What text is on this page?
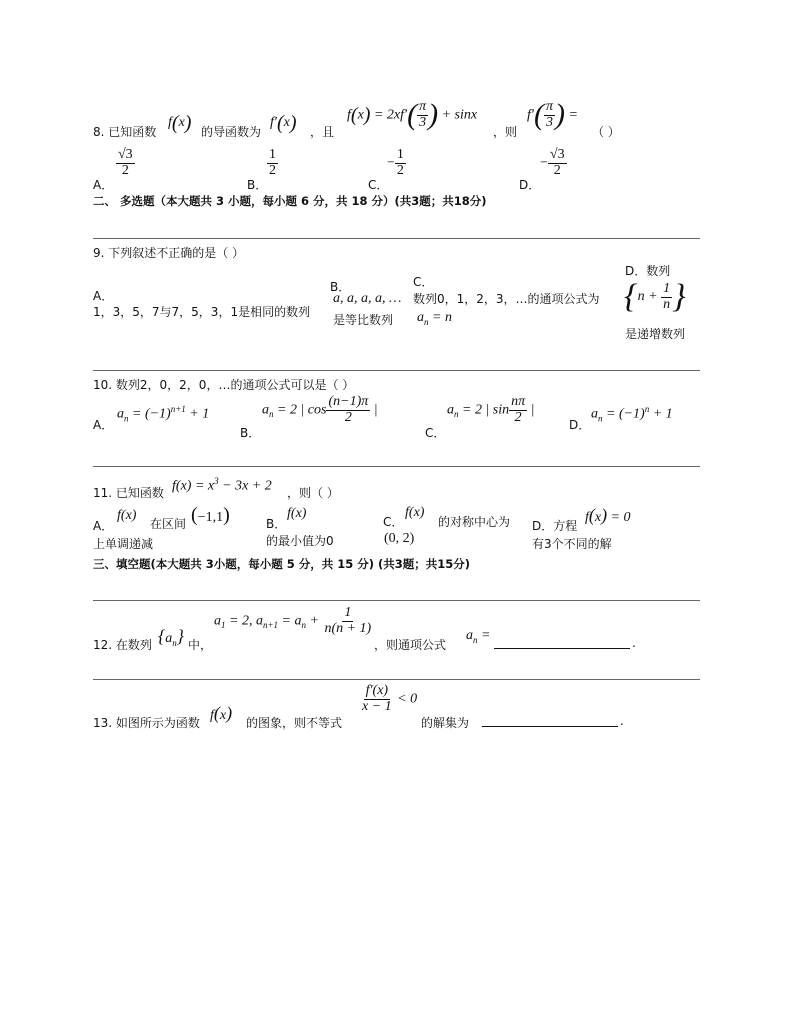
8. 已知函数
f(x) 的导函数为
f′(x) ，且
$f(x) = 2xf'( \frac{\pi}{3}$ ) + sinx
，则
$f'( \frac{\pi}{3}$ ) =
（ ）
A．
$\frac{√3}{2}$
B．
$\frac{1}{2}$
C．
− $\frac{1}{2}$
D．
− $\frac{√3}{2}$
二、 多选题（本大题共 3 小题，每小题 6 分，共 18 分）(共3题；共18分)
9. 下列叙述不正确的是（ ）
A．
1，3，5，7与7，5，3，1是相同的数列
B．
a, a, a, a, …
是等比数列
C．
数列0，1，2，3，…的通项公式为
$a_n = n$
D．数列
{$n + \frac{1}{n}$ }
是递增数列
10. 数列2，0，2，0，…的通项公式可以是（ ）
A．
$a_n = (-1)^{n+1} + 1$
B．
$a_n = 2$ | $\cos \frac{(n-1)\pi}{2}$ |
C．
$a_n = 2$ | $\sin \frac{n\pi}{2}$ |
D．
$a_n = (-1)^n + 1$
11. 已知函数 $f(x) = x^3 - 3x + 2$ ，则（ ）
A．
f(x)
在区间 (−1,1)
上单调递减
B．
f(x)
的最小值为0
C．
f(x)
的对称中心为
(0, 2)
D．方程
f(x) = 0
有3个不同的解
三、填空题(本大题共 3小题，每小题 5 分，共 15 分) (共3题；共15分)
12. 在数列 $\{a_n\}$ 中，
$a_1 = 2$, $a_{n+1} = a_n + \frac{1}{n(n + 1)}$
，则通项公式
$a_n$ =	.
13. 如图所示为函数 f(x) 的图象，则不等式
$\frac{f'(x)}{x - 1} < 0$
的解集为	.
